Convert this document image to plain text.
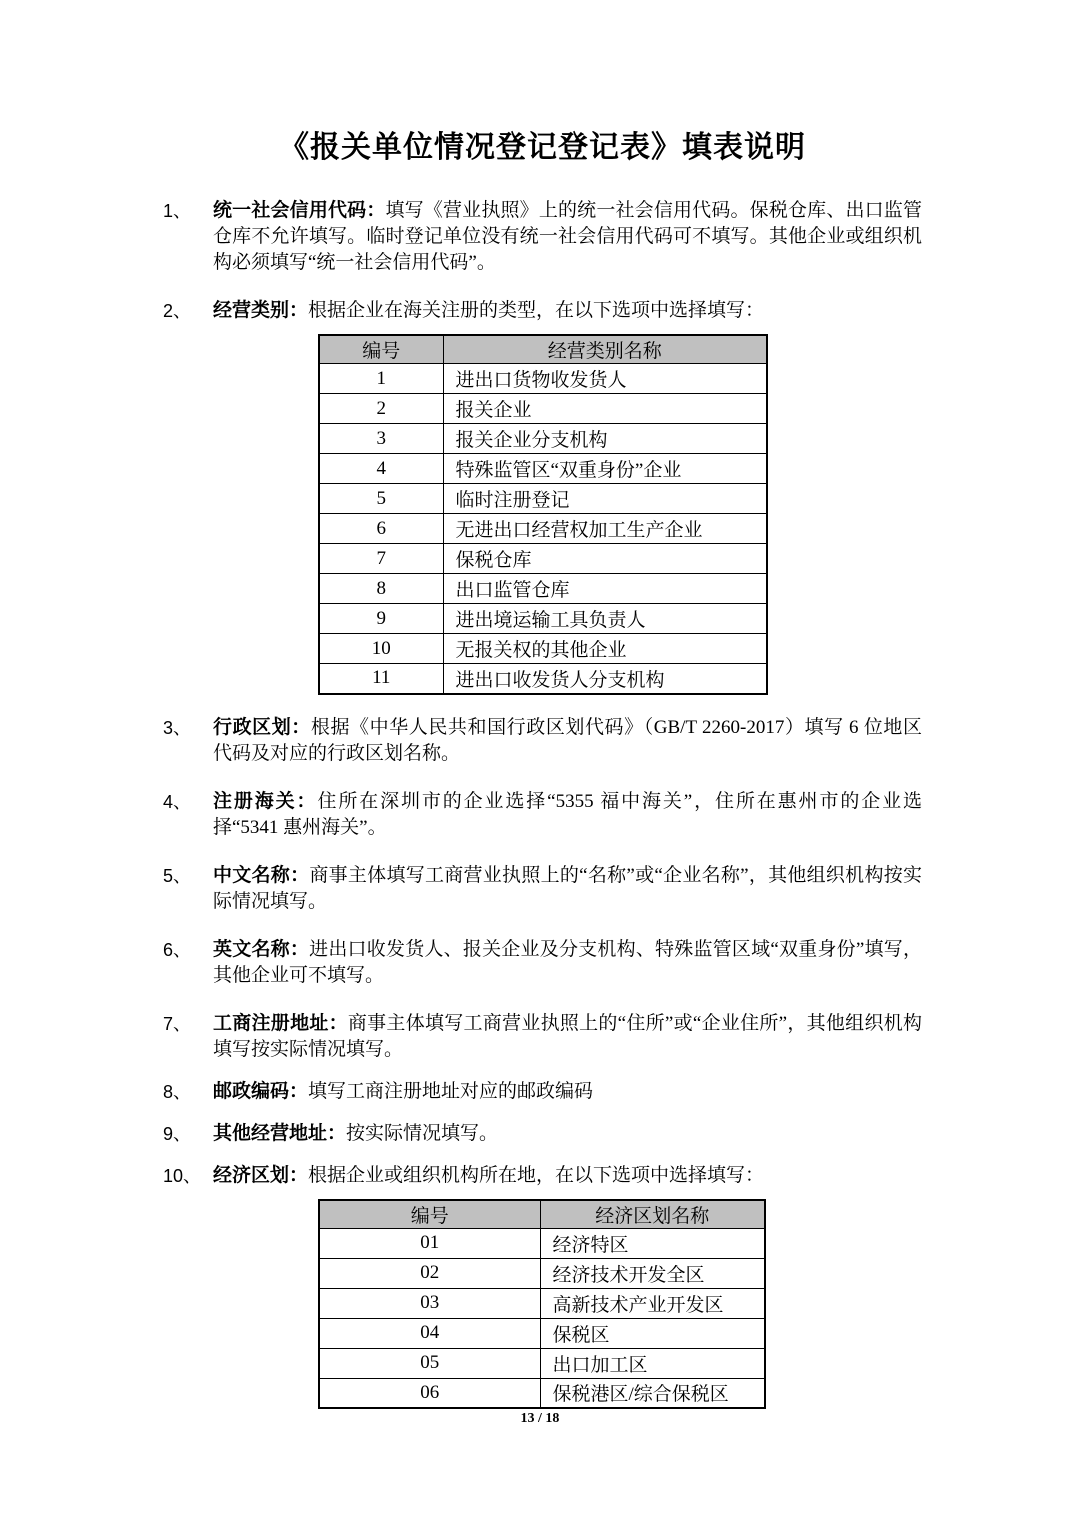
《报关单位情况登记登记表》填表说明
1、	统一社会信用代码：填写《营业执照》上的统一社会信用代码。保税仓库、出口监管仓库不允许填写。临时登记单位没有统一社会信用代码可不填写。其他企业或组织机构必须填写“统一社会信用代码”。
2、	经营类别：根据企业在海关注册的类型，在以下选项中选择填写：
编号	经营类别名称
1	进出口货物收发货人
2	报关企业
3	报关企业分支机构
4	特殊监管区“双重身份”企业
5	临时注册登记
6	无进出口经营权加工生产企业
7	保税仓库
8	出口监管仓库
9	进出境运输工具负责人
10	无报关权的其他企业
11	进出口收发货人分支机构
3、	行政区划：根据《中华人民共和国行政区划代码》（GB/T 2260-2017）填写 6 位地区代码及对应的行政区划名称。
4、	注册海关：住所在深圳市的企业选择“5355 福中海关”，住所在惠州市的企业选择“5341 惠州海关”。
5、	中文名称：商事主体填写工商营业执照上的“名称”或“企业名称”，其他组织机构按实际情况填写。
6、	英文名称：进出口收发货人、报关企业及分支机构、特殊监管区域“双重身份”填写，其他企业可不填写。
7、	工商注册地址：商事主体填写工商营业执照上的“住所”或“企业住所”，其他组织机构填写按实际情况填写。
8、	邮政编码：填写工商注册地址对应的邮政编码
9、	其他经营地址：按实际情况填写。
10、 经济区划：根据企业或组织机构所在地，在以下选项中选择填写：
编号	经济区划名称
01	经济特区
02	经济技术开发全区
03	高新技术产业开发区
04	保税区
05	出口加工区
06	保税港区/综合保税区
13 / 18
